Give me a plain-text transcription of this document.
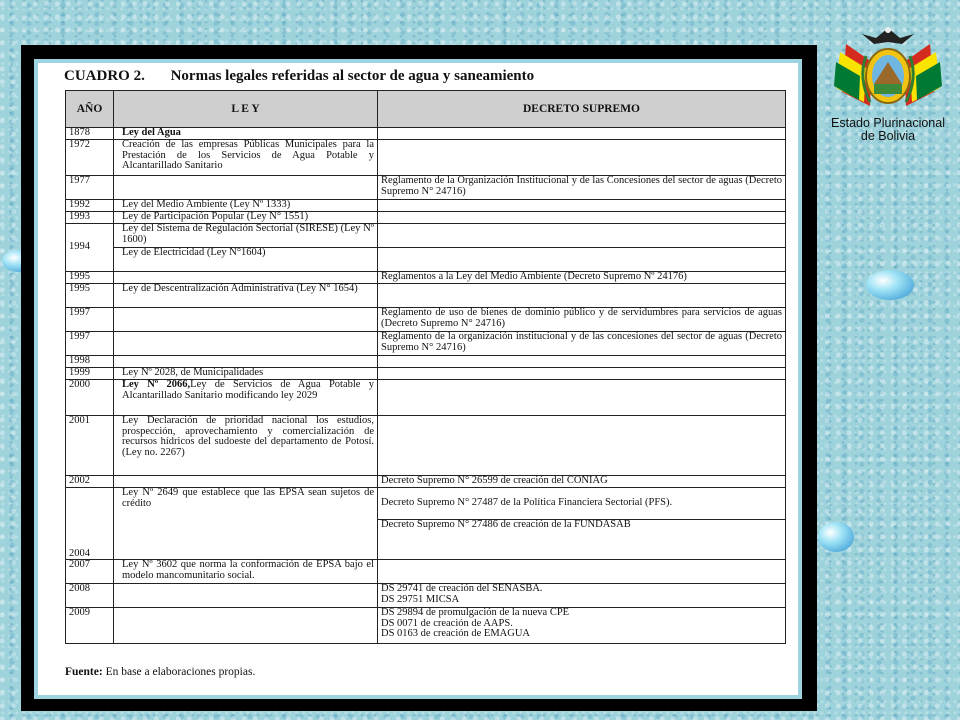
CUADRO 2. Normas legales referidas al sector de agua y saneamiento
AÑO	L E Y	DECRETO SUPREMO
1878	Ley del Agua	
1972	Creación de las empresas Públicas Municipales para la Prestación de los Servicios de Agua Potable y Alcantarillado Sanitario	
1977		Reglamento de la Organización Institucional y de las Concesiones del sector de aguas (Decreto Supremo N° 24716)
1992	Ley del Medio Ambiente (Ley Nº 1333)	
1993	Ley de Participación Popular (Ley N° 1551)	
1994	Ley del Sistema de Regulación Sectorial (SIRESE) (Ley Nº 1600)	
	Ley de Electricidad (Ley N°1604)	
1995		Reglamentos a la Ley del Medio Ambiente (Decreto Supremo Nº 24176)
1995	Ley de Descentralización Administrativa (Ley N° 1654)	
1997		Reglamento de uso de bienes de dominio público y de servidumbres para servicios de aguas (Decreto Supremo N° 24716)
1997		Reglamento de la organización institucional y de las concesiones del sector de aguas (Decreto Supremo N° 24716)
1998		
1999	Ley Nº 2028, de Municipalidades	
2000	Ley Nº 2066,Ley de Servicios de Agua Potable y Alcantarillado Sanitario modificando ley 2029	
2001	Ley Declaración de prioridad nacional los estudios, prospección, aprovechamiento y comercialización de recursos hídricos del sudoeste del departamento de Potosí. (Ley no. 2267)	
2002		Decreto Supremo N° 26599 de creación del CONIAG
2004	Ley Nº 2649 que establece que las EPSA sean sujetos de crédito	Decreto Supremo N° 27487 de la Política Financiera Sectorial (PFS).
		Decreto Supremo N° 27486 de creación de la FUNDASAB
2007	Ley Nº 3602 que norma la conformación de EPSA bajo el modelo mancomunitario social.	
2008		DS 29741 de creación del SENASBA.
DS 29751 MICSA

2009		DS 29894 de promulgación de la nueva CPE
DS 0071 de creación de AAPS.
DS 0163 de creación de EMAGUA
Fuente: En base a elaboraciones propias.
Estado Plurinacional
de Bolivia
